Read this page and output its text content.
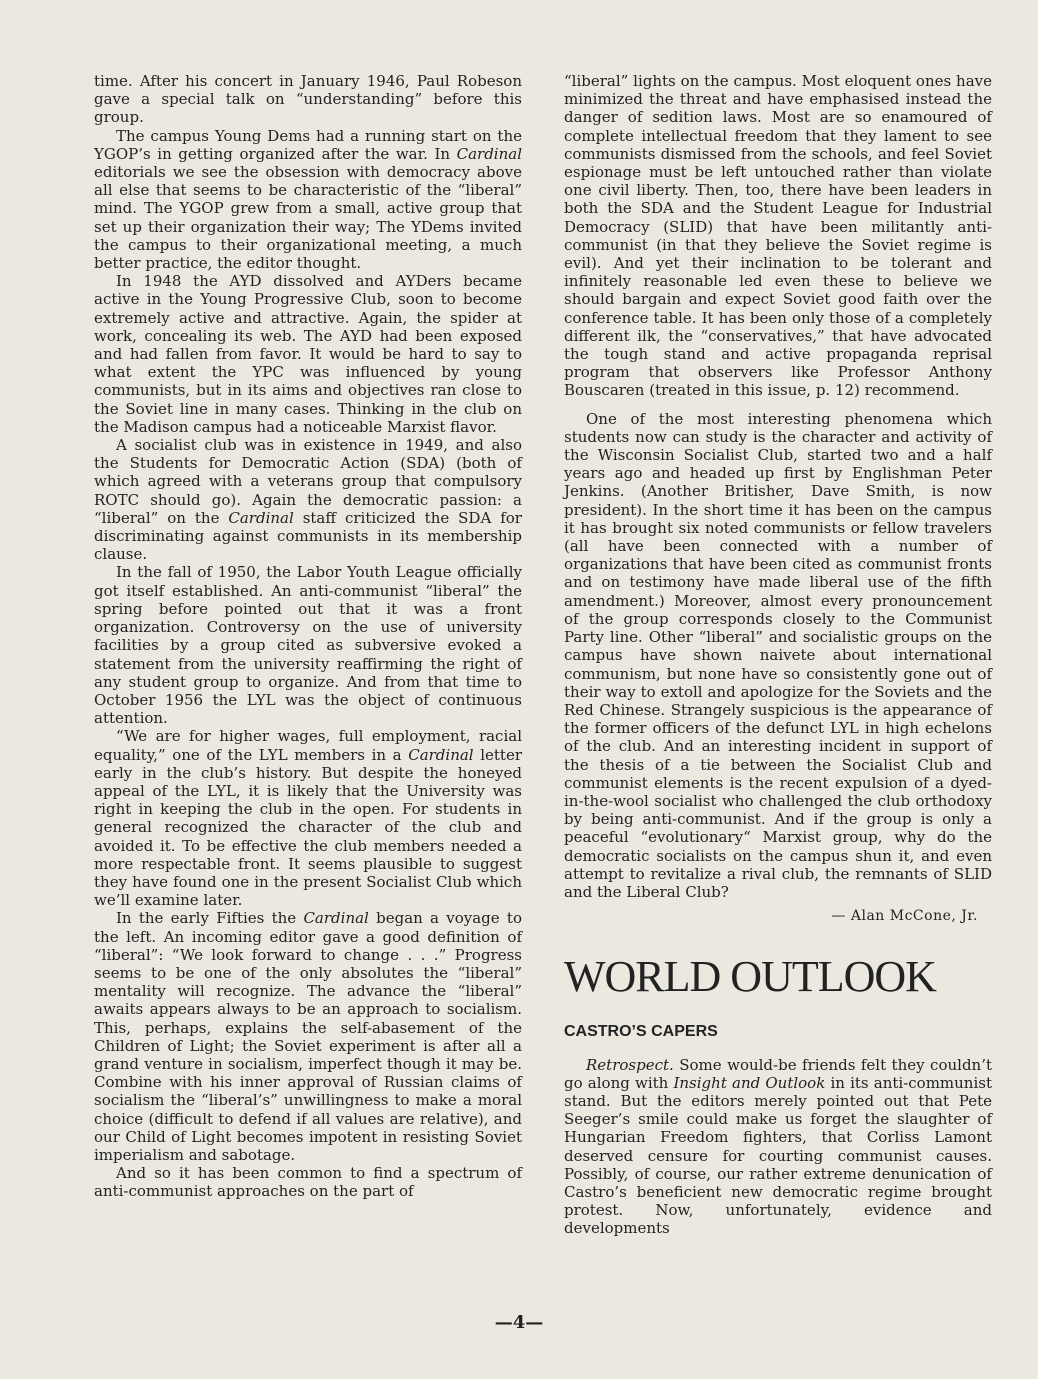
time. After his concert in January 1946, Paul Robeson gave a special talk on “understanding” before this group.

The campus Young Dems had a running start on the YGOP’s in getting organized after the war. In Cardinal editorials we see the obsession with democracy above all else that seems to be characteristic of the “liberal” mind. The YGOP grew from a small, active group that set up their organization their way; The YDems invited the campus to their organizational meeting, a much better practice, the editor thought.

In 1948 the AYD dissolved and AYDers became active in the Young Progressive Club, soon to become extremely active and attractive. Again, the spider at work, concealing its web. The AYD had been exposed and had fallen from favor. It would be hard to say to what extent the YPC was influenced by young communists, but in its aims and objectives ran close to the Soviet line in many cases. Thinking in the club on the Madison campus had a noticeable Marxist flavor.

A socialist club was in existence in 1949, and also the Students for Democratic Action (SDA) (both of which agreed with a veterans group that compulsory ROTC should go). Again the democratic passion: a “liberal” on the Cardinal staff criticized the SDA for discriminating against communists in its membership clause.

In the fall of 1950, the Labor Youth League officially got itself established. An anti-communist “liberal” the spring before pointed out that it was a front organization. Controversy on the use of university facilities by a group cited as subversive evoked a statement from the university reaffirming the right of any student group to organize. And from that time to October 1956 the LYL was the object of continuous attention.

“We are for higher wages, full employment, racial equality,” one of the LYL members in a Cardinal letter early in the club’s history. But despite the honeyed appeal of the LYL, it is likely that the University was right in keeping the club in the open. For students in general recognized the character of the club and avoided it. To be effective the club members needed a more respectable front. It seems plausible to suggest they have found one in the present Socialist Club which we’ll examine later.

In the early Fifties the Cardinal began a voyage to the left. An incoming editor gave a good definition of “liberal”: “We look forward to change . . .” Progress seems to be one of the only absolutes the “liberal” mentality will recognize. The advance the “liberal” awaits appears always to be an approach to socialism. This, perhaps, explains the self-abasement of the Children of Light; the Soviet experiment is after all a grand venture in socialism, imperfect though it may be. Combine with his inner approval of Russian claims of socialism the “liberal’s” unwillingness to make a moral choice (difficult to defend if all values are relative), and our Child of Light becomes impotent in resisting Soviet imperialism and sabotage.

And so it has been common to find a spectrum of anti-communist approaches on the part of

“liberal” lights on the campus. Most eloquent ones have minimized the threat and have emphasised instead the danger of sedition laws. Most are so enamoured of complete intellectual freedom that they lament to see communists dismissed from the schools, and feel Soviet espionage must be left untouched rather than violate one civil liberty. Then, too, there have been leaders in both the SDA and the Student League for Industrial Democracy (SLID) that have been militantly anti-communist (in that they believe the Soviet regime is evil). And yet their inclination to be tolerant and infinitely reasonable led even these to believe we should bargain and expect Soviet good faith over the conference table. It has been only those of a completely different ilk, the “conservatives,” that have advocated the tough stand and active propaganda reprisal program that observers like Professor Anthony Bouscaren (treated in this issue, p. 12) recommend.

One of the most interesting phenomena which students now can study is the character and activity of the Wisconsin Socialist Club, started two and a half years ago and headed up first by Englishman Peter Jenkins. (Another Britisher, Dave Smith, is now president). In the short time it has been on the campus it has brought six noted communists or fellow travelers (all have been connected with a number of organizations that have been cited as communist fronts and on testimony have made liberal use of the fifth amendment.) Moreover, almost every pronouncement of the group corresponds closely to the Communist Party line. Other “liberal” and socialistic groups on the campus have shown naivete about international communism, but none have so consistently gone out of their way to extoll and apologize for the Soviets and the Red Chinese. Strangely suspicious is the appearance of the former officers of the defunct LYL in high echelons of the club. And an interesting incident in support of the thesis of a tie between the Socialist Club and communist elements is the recent expulsion of a dyed-in-the-wool socialist who challenged the club orthodoxy by being anti-communist. And if the group is only a peaceful “evolutionary“ Marxist group, why do the democratic socialists on the campus shun it, and even attempt to revitalize a rival club, the remnants of SLID and the Liberal Club?

— Alan McCone, Jr.
WORLD OUTLOOK
CASTRO’S CAPERS

Retrospect. Some would-be friends felt they couldn’t go along with Insight and Outlook in its anti-communist stand. But the editors merely pointed out that Pete Seeger’s smile could make us forget the slaughter of Hungarian Freedom fighters, that Corliss Lamont deserved censure for courting communist causes. Possibly, of course, our rather extreme denunication of Castro’s beneficient new democratic regime brought protest. Now, unfortunately, evidence and developments

—4—
